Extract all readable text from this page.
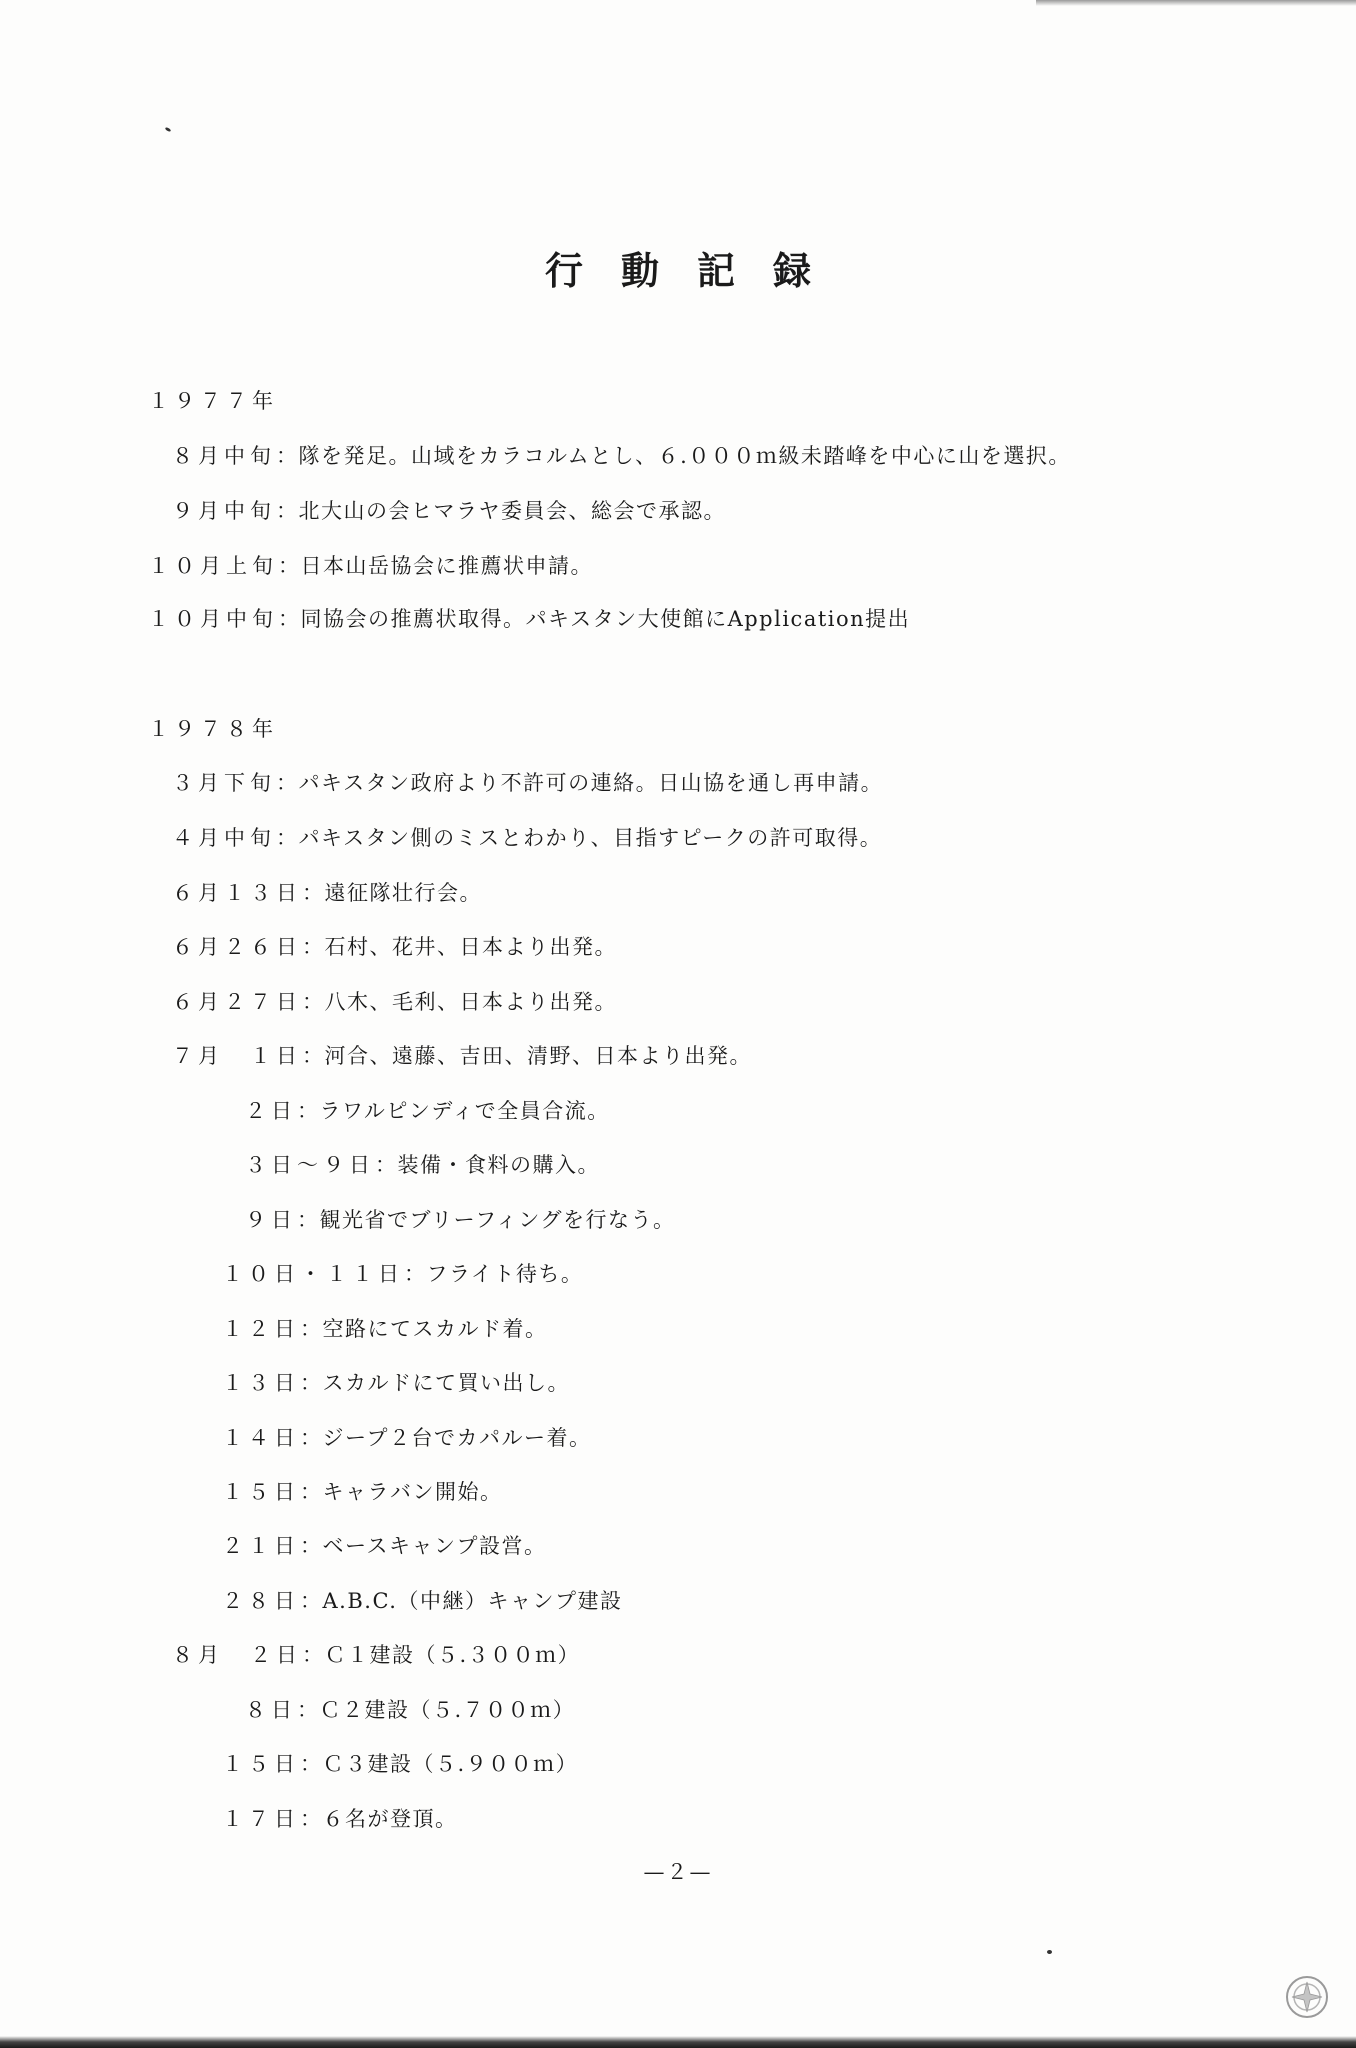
行動記録
１９７７年
８月中旬：隊を発足。山域をカラコルムとし、６.０００ｍ級未踏峰を中心に山を選択。
９月中旬：北大山の会ヒマラヤ委員会、総会で承認。
１０月上旬：日本山岳協会に推薦状申請。
１０月中旬：同協会の推薦状取得。パキスタン大使館にApplication提出
１９７８年
３月下旬：パキスタン政府より不許可の連絡。日山協を通し再申請。
４月中旬：パキスタン側のミスとわかり、目指すピークの許可取得。
６月１３日：遠征隊壮行会。
６月２６日：石村、花井、日本より出発。
６月２７日：八木、毛利、日本より出発。
７月　１日：河合、遠藤、吉田、清野、日本より出発。
２日：ラワルピンディで全員合流。
３日〜９日：装備・食料の購入。
９日：観光省でブリーフィングを行なう。
１０日・１１日：フライト待ち。
１２日：空路にてスカルド着。
１３日：スカルドにて買い出し。
１４日：ジープ２台でカパルー着。
１５日：キャラバン開始。
２１日：ベースキャンプ設営。
２８日：A.B.C.（中継）キャンプ建設
８月　２日：Ｃ１建設（５.３００ｍ）
８日：Ｃ２建設（５.７００ｍ）
１５日：Ｃ３建設（５.９００ｍ）
１７日：６名が登頂。
—２—
